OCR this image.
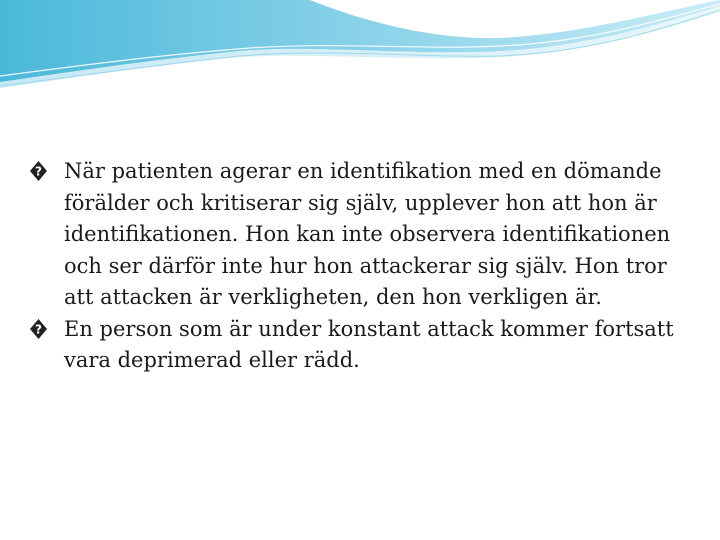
? När patienten agerar en identifikation med en dömande förälder och kritiserar sig själv, upplever hon att hon är identifikationen. Hon kan inte observera identifikationen och ser därför inte hur hon attackerar sig själv. Hon tror att attacken är verkligheten, den hon verkligen är.
? En person som är under konstant attack kommer fortsatt vara deprimerad eller rädd.
